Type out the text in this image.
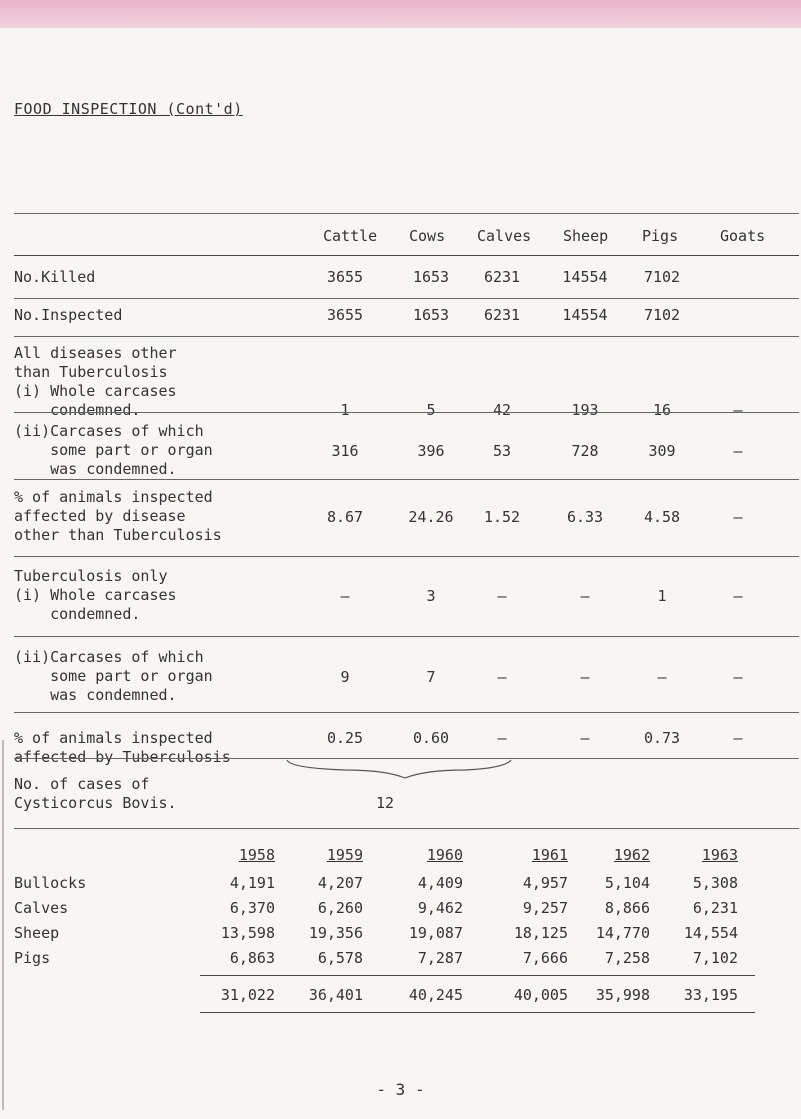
FOOD INSPECTION (Cont'd)
Cattle Cows Calves Sheep Pigs	Goats
No.Killed	3655	1653	6231	14554	7102
No.Inspected	3655	1653	6231	14554	7102
All diseases other
than Tuberculosis
(i) Whole carcases
condemned.	1	5	42	193	16	–
(ii)Carcases of which
some part or organ
was condemned.
316	396	53	728	309	–
% of animals inspected
affected by disease
other than Tuberculosis
8.67	24.26	1.52	6.33	4.58	–
Tuberculosis only
(i) Whole carcases
condemned.
–	3	–	–	1	–
(ii)Carcases of which
some part or organ
was condemned.
9	7	–	–	–	–
% of animals inspected
affected by Tuberculosis
0.25	0.60	–	–	0.73	–
No. of cases of
Cysticorcus Bovis.	12
1958	1959	1960	1961	1962	1963
Bullocks	4,191	4,207	4,409	4,957	5,104	5,308
Calves	6,370	6,260	9,462	9,257	8,866	6,231
Sheep	13,598	19,356	19,087	18,125	14,770	14,554
Pigs	6,863	6,578	7,287	7,666	7,258	7,102
31,022	36,401	40,245	40,005	35,998	33,195
- 3 -
